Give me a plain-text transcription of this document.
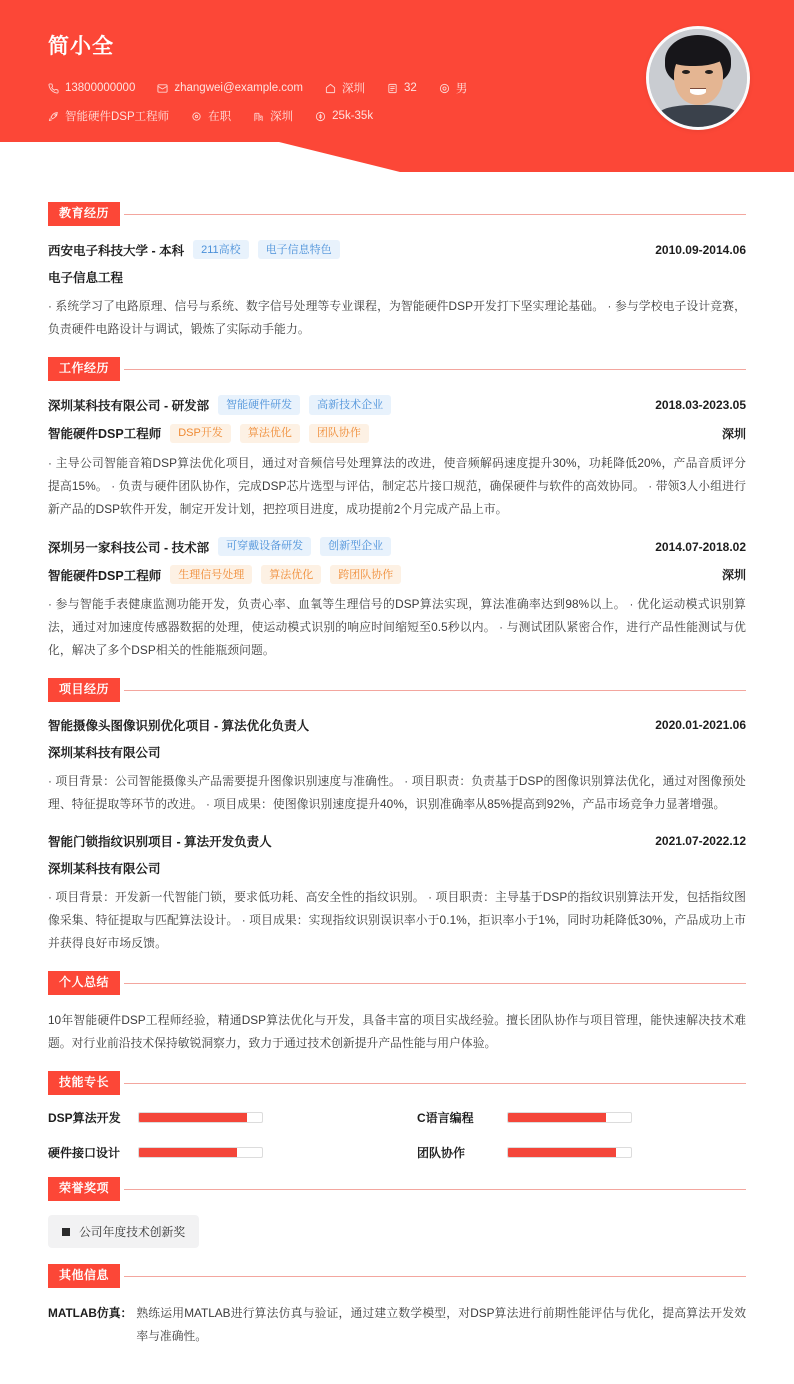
简小全
13800000000	zhangwei@example.com	深圳	32	男
智能硬件DSP工程师	在职	深圳	25k-35k
教育经历
西安电子科技大学 - 本科	211高校	电子信息特色	2010.09-2014.06
电子信息工程
· 系统学习了电路原理、信号与系统、数字信号处理等专业课程，为智能硬件DSP开发打下坚实理论基础。 · 参与学校电子设计竞赛，负责硬件电路设计与调试，锻炼了实际动手能力。
工作经历
深圳某科技有限公司 - 研发部	智能硬件研发	高新技术企业	2018.03-2023.05
智能硬件DSP工程师	DSP开发	算法优化	团队协作	深圳
· 主导公司智能音箱DSP算法优化项目，通过对音频信号处理算法的改进，使音频解码速度提升30%，功耗降低20%，产品音质评分提高15%。 · 负责与硬件团队协作，完成DSP芯片选型与评估，制定芯片接口规范，确保硬件与软件的高效协同。 · 带领3人小组进行新产品的DSP软件开发，制定开发计划，把控项目进度，成功提前2个月完成产品上市。
深圳另一家科技公司 - 技术部	可穿戴设备研发	创新型企业	2014.07-2018.02
智能硬件DSP工程师	生理信号处理	算法优化	跨团队协作	深圳
· 参与智能手表健康监测功能开发，负责心率、血氧等生理信号的DSP算法实现，算法准确率达到98%以上。 · 优化运动模式识别算法，通过对加速度传感器数据的处理，使运动模式识别的响应时间缩短至0.5秒以内。 · 与测试团队紧密合作，进行产品性能测试与优化，解决了多个DSP相关的性能瓶颈问题。
项目经历
智能摄像头图像识别优化项目 - 算法优化负责人	2020.01-2021.06
深圳某科技有限公司
· 项目背景：公司智能摄像头产品需要提升图像识别速度与准确性。 · 项目职责：负责基于DSP的图像识别算法优化，通过对图像预处理、特征提取等环节的改进。 · 项目成果：使图像识别速度提升40%，识别准确率从85%提高到92%，产品市场竞争力显著增强。
智能门锁指纹识别项目 - 算法开发负责人	2021.07-2022.12
深圳某科技有限公司
· 项目背景：开发新一代智能门锁，要求低功耗、高安全性的指纹识别。 · 项目职责：主导基于DSP的指纹识别算法开发，包括指纹图像采集、特征提取与匹配算法设计。 · 项目成果：实现指纹识别误识率小于0.1%，拒识率小于1%，同时功耗降低30%，产品成功上市并获得良好市场反馈。
个人总结
10年智能硬件DSP工程师经验，精通DSP算法优化与开发，具备丰富的项目实战经验。擅长团队协作与项目管理，能快速解决技术难题。对行业前沿技术保持敏锐洞察力，致力于通过技术创新提升产品性能与用户体验。
技能专长
DSP算法开发	C语言编程
硬件接口设计	团队协作
荣誉奖项
公司年度技术创新奖
其他信息
MATLAB仿真： 熟练运用MATLAB进行算法仿真与验证，通过建立数学模型，对DSP算法进行前期性能评估与优化，提高算法开发效率与准确性。
